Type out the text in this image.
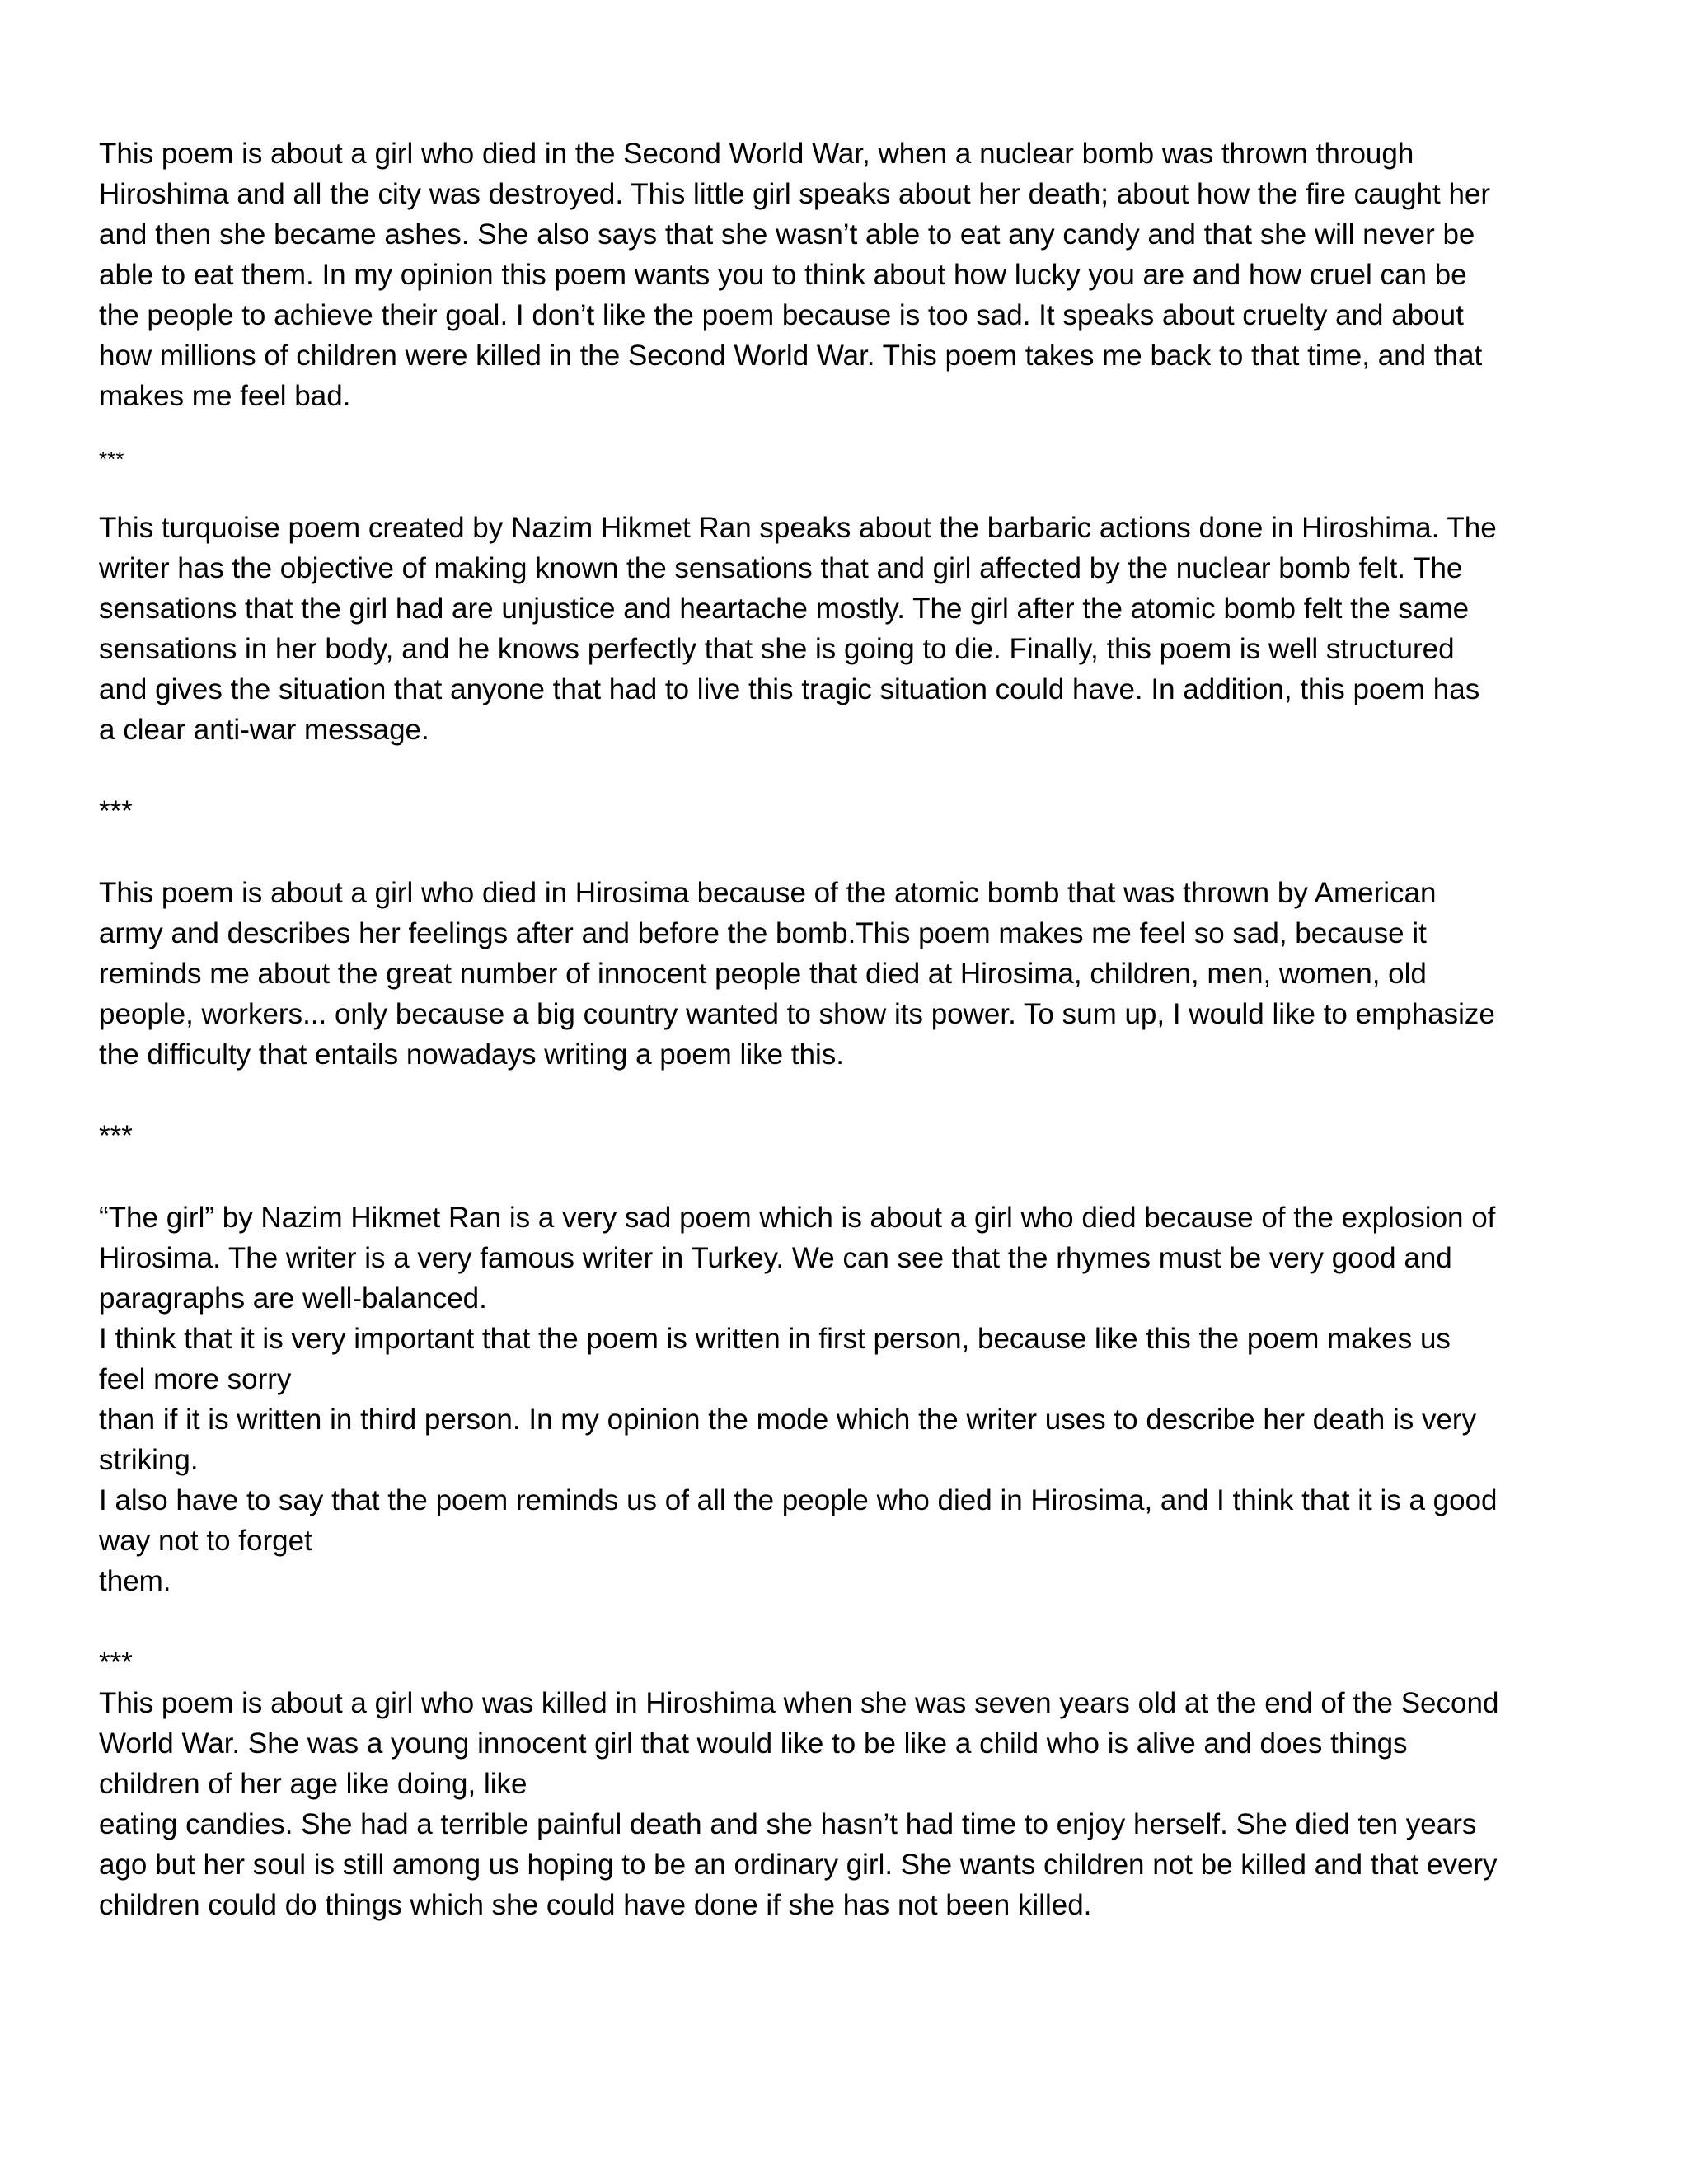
This poem is about a girl who died in the Second World War, when a nuclear bomb was thrown through
Hiroshima and all the city was destroyed. This little girl speaks about her death; about how the fire caught her
and then she became ashes. She also says that she wasn’t able to eat any candy and that she will never be
able to eat them. In my opinion this poem wants you to think about how lucky you are and how cruel can be
the people to achieve their goal. I don’t like the poem because is too sad. It speaks about cruelty and about
how millions of children were killed in the Second World War. This poem takes me back to that time, and that
makes me feel bad.
***
This turquoise poem created by Nazim Hikmet Ran speaks about the barbaric actions done in Hiroshima. The
writer has the objective of making known the sensations that and girl affected by the nuclear bomb felt. The
sensations that the girl had are unjustice and heartache mostly. The girl after the atomic bomb felt the same
sensations in her body, and he knows perfectly that she is going to die. Finally, this poem is well structured
and gives the situation that anyone that had to live this tragic situation could have. In addition, this poem has
a clear anti-war message.
***
This poem is about a girl who died in Hirosima because of the atomic bomb that was thrown by American
army and describes her feelings after and before the bomb.This poem makes me feel so sad, because it
reminds me about the great number of innocent people that died at Hirosima, children, men, women, old
people, workers... only because a big country wanted to show its power. To sum up, I would like to emphasize
the difficulty that entails nowadays writing a poem like this.
***
“The girl” by Nazim Hikmet Ran is a very sad poem which is about a girl who died because of the explosion of
Hirosima. The writer is a very famous writer in Turkey. We can see that the rhymes must be very good and
paragraphs are well-balanced.
I think that it is very important that the poem is written in first person, because like this the poem makes us
feel more sorry
than if it is written in third person. In my opinion the mode which the writer uses to describe her death is very
striking.
I also have to say that the poem reminds us of all the people who died in Hirosima, and I think that it is a good
way not to forget
them.
***
This poem is about a girl who was killed in Hiroshima when she was seven years old at the end of the Second
World War. She was a young innocent girl that would like to be like a child who is alive and does things
children of her age like doing, like
eating candies. She had a terrible painful death and she hasn’t had time to enjoy herself. She died ten years
ago but her soul is still among us hoping to be an ordinary girl. She wants children not be killed and that every
children could do things which she could have done if she has not been killed.
